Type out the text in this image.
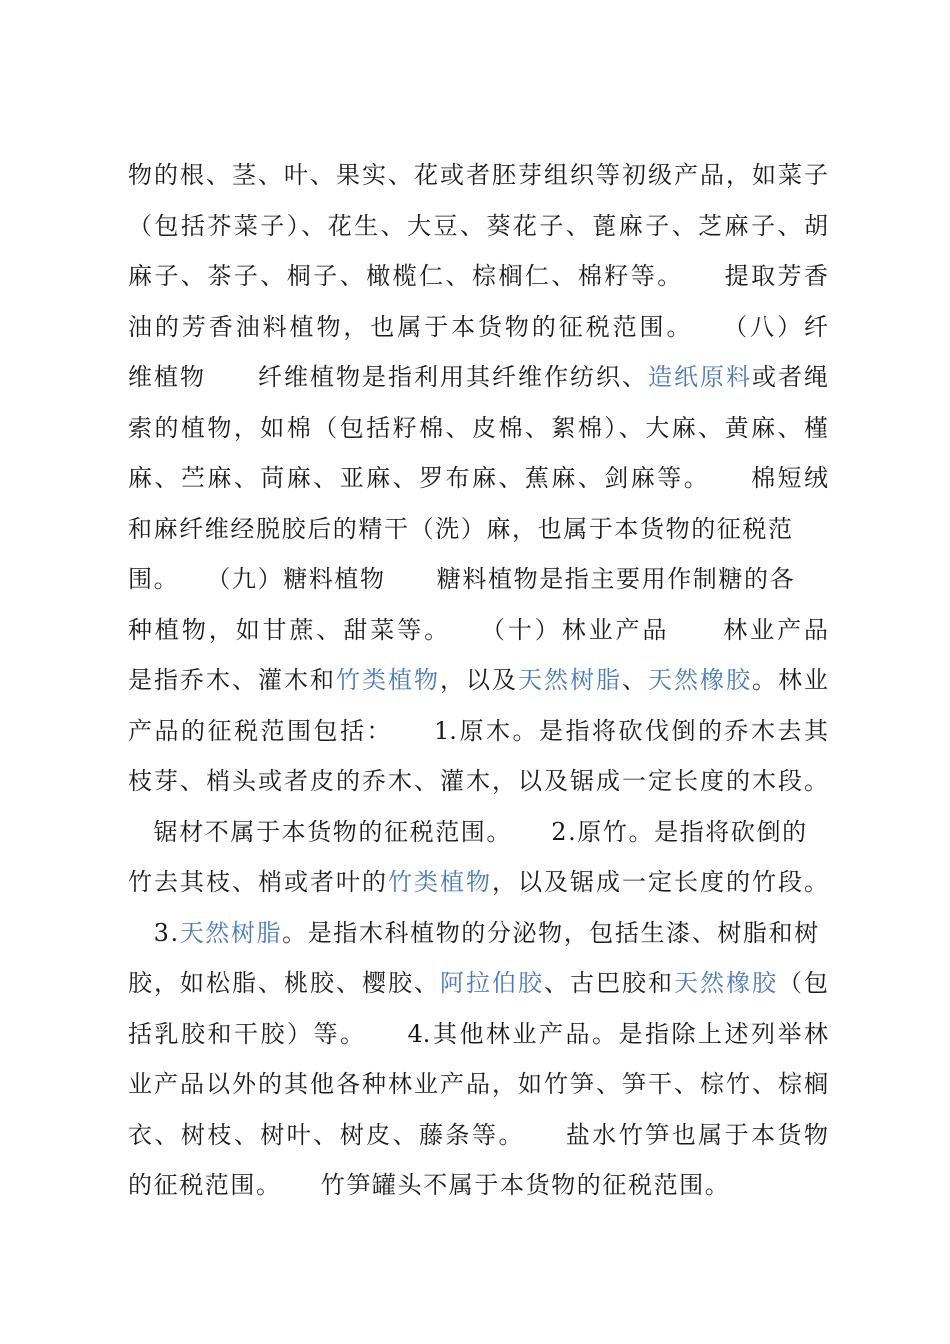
物的根、茎、叶、果实、花或者胚芽组织等初级产品，如菜子
（包括芥菜子）、花生、大豆、葵花子、蓖麻子、芝麻子、胡
麻子、茶子、桐子、橄榄仁、棕榈仁、棉籽等。　　提取芳香
油的芳香油料植物，也属于本货物的征税范围。　　（八）纤
维植物　　纤维植物是指利用其纤维作纺织、造纸原料或者绳
索的植物，如棉（包括籽棉、皮棉、絮棉）、大麻、黄麻、槿
麻、苎麻、苘麻、亚麻、罗布麻、蕉麻、剑麻等。　　棉短绒
和麻纤维经脱胶后的精干（洗）麻，也属于本货物的征税范
围。　　（九）糖料植物　　糖料植物是指主要用作制糖的各
种植物，如甘蔗、甜菜等。　　（十）林业产品　　林业产品
是指乔木、灌木和竹类植物，以及天然树脂、天然橡胶。林业
产品的征税范围包括：　　1.原木。是指将砍伐倒的乔木去其
枝芽、梢头或者皮的乔木、灌木，以及锯成一定长度的木段。
　锯材不属于本货物的征税范围。　　2.原竹。是指将砍倒的
竹去其枝、梢或者叶的竹类植物，以及锯成一定长度的竹段。
　3.天然树脂。是指木科植物的分泌物，包括生漆、树脂和树
胶，如松脂、桃胶、樱胶、阿拉伯胶、古巴胶和天然橡胶（包
括乳胶和干胶）等。　　4.其他林业产品。是指除上述列举林
业产品以外的其他各种林业产品，如竹笋、笋干、棕竹、棕榈
衣、树枝、树叶、树皮、藤条等。　　盐水竹笋也属于本货物
的征税范围。　　竹笋罐头不属于本货物的征税范围。
